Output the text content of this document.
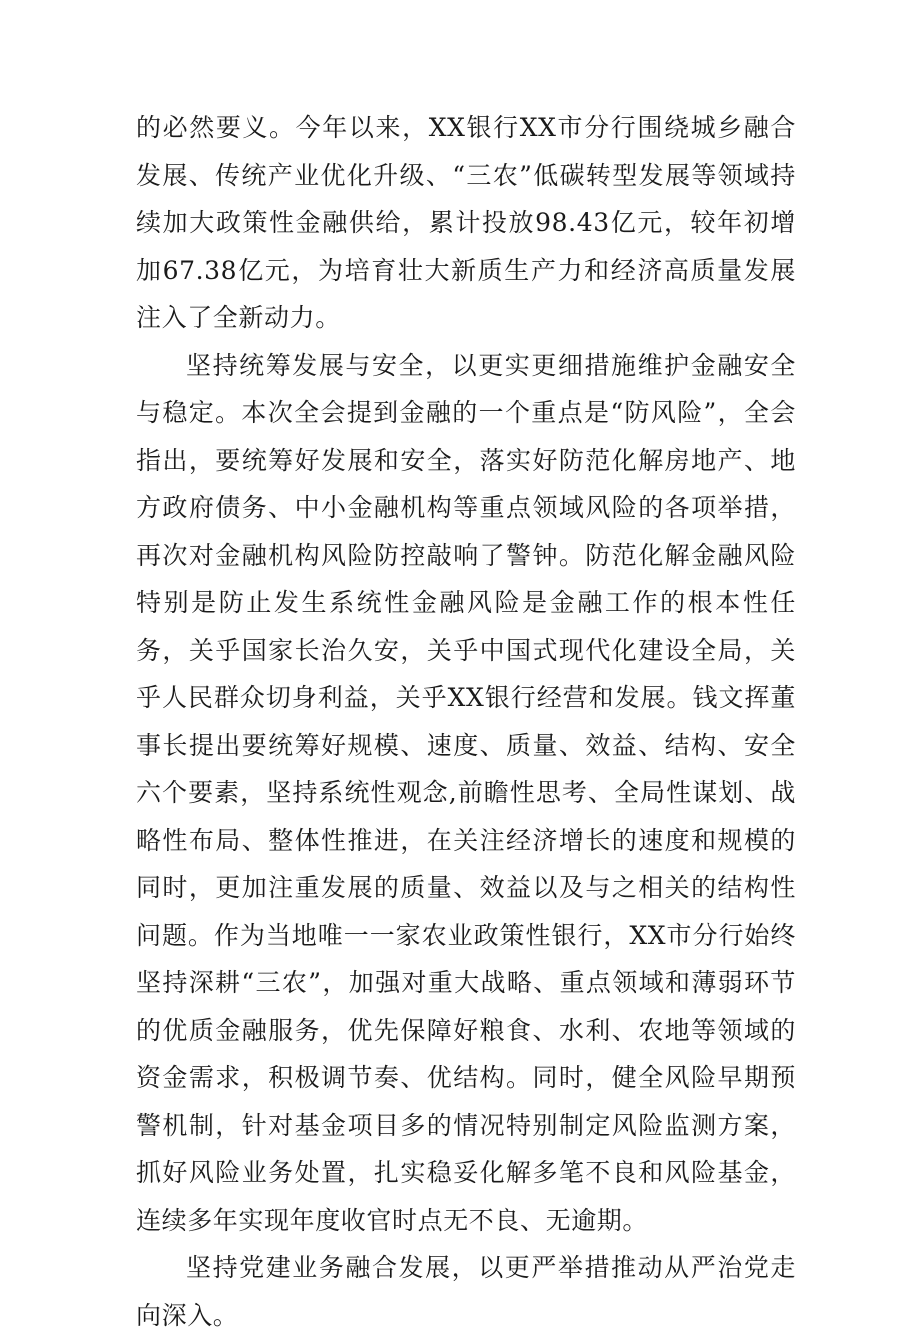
的必然要义。今年以来，XX银行XX市分行围绕城乡融合发展、传统产业优化升级、“三农”低碳转型发展等领域持续加大政策性金融供给，累计投放98.43亿元，较年初增加67.38亿元，为培育壮大新质生产力和经济高质量发展注入了全新动力。

坚持统筹发展与安全，以更实更细措施维护金融安全与稳定。本次全会提到金融的一个重点是“防风险”，全会指出，要统筹好发展和安全，落实好防范化解房地产、地方政府债务、中小金融机构等重点领域风险的各项举措，再次对金融机构风险防控敲响了警钟。防范化解金融风险特别是防止发生系统性金融风险是金融工作的根本性任务，关乎国家长治久安，关乎中国式现代化建设全局，关乎人民群众切身利益，关乎XX银行经营和发展。钱文挥董事长提出要统筹好规模、速度、质量、效益、结构、安全六个要素，坚持系统性观念,前瞻性思考、全局性谋划、战略性布局、整体性推进，在关注经济增长的速度和规模的同时，更加注重发展的质量、效益以及与之相关的结构性问题。作为当地唯一一家农业政策性银行，XX市分行始终坚持深耕“三农”，加强对重大战略、重点领域和薄弱环节的优质金融服务，优先保障好粮食、水利、农地等领域的资金需求，积极调节奏、优结构。同时，健全风险早期预警机制，针对基金项目多的情况特别制定风险监测方案，抓好风险业务处置，扎实稳妥化解多笔不良和风险基金，连续多年实现年度收官时点无不良、无逾期。

坚持党建业务融合发展，以更严举措推动从严治党走向深入。
